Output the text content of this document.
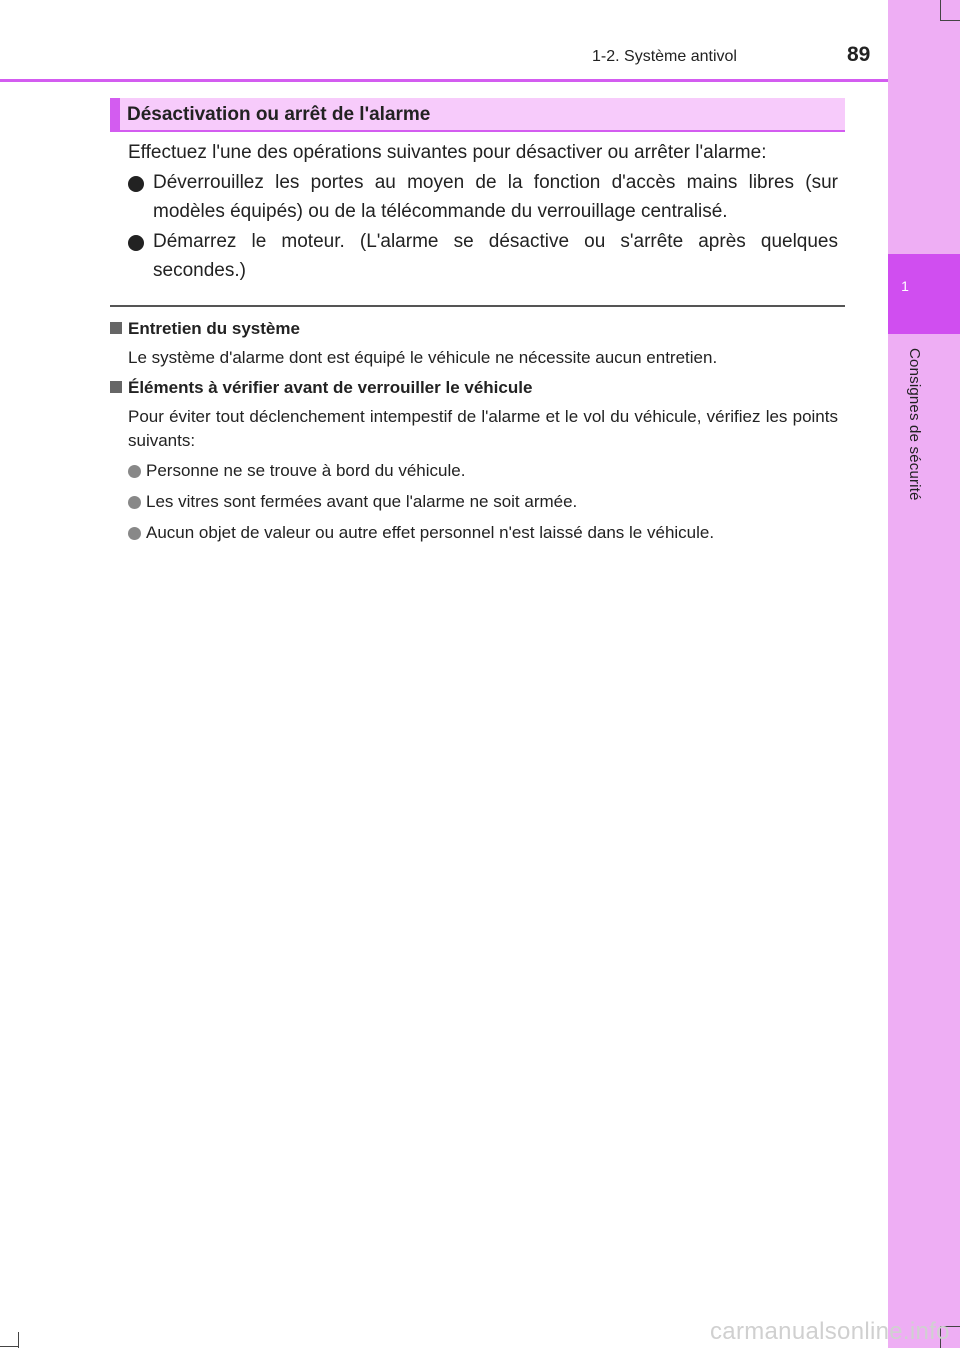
1
Consignes de sécurité
1-2. Système antivol	89
Désactivation ou arrêt de l'alarme
Effectuez l'une des opérations suivantes pour désactiver ou arrêter l'alarme:
Déverrouillez les portes au moyen de la fonction d'accès mains libres (sur modèles équipés) ou de la télécommande du verrouillage centralisé.
Démarrez le moteur. (L'alarme se désactive ou s'arrête après quelques secondes.)
Entretien du système
Le système d'alarme dont est équipé le véhicule ne nécessite aucun entretien.
Éléments à vérifier avant de verrouiller le véhicule
Pour éviter tout déclenchement intempestif de l'alarme et le vol du véhicule, vérifiez les points suivants:
Personne ne se trouve à bord du véhicule.
Les vitres sont fermées avant que l'alarme ne soit armée.
Aucun objet de valeur ou autre effet personnel n'est laissé dans le véhicule.
carmanualsonline.info
